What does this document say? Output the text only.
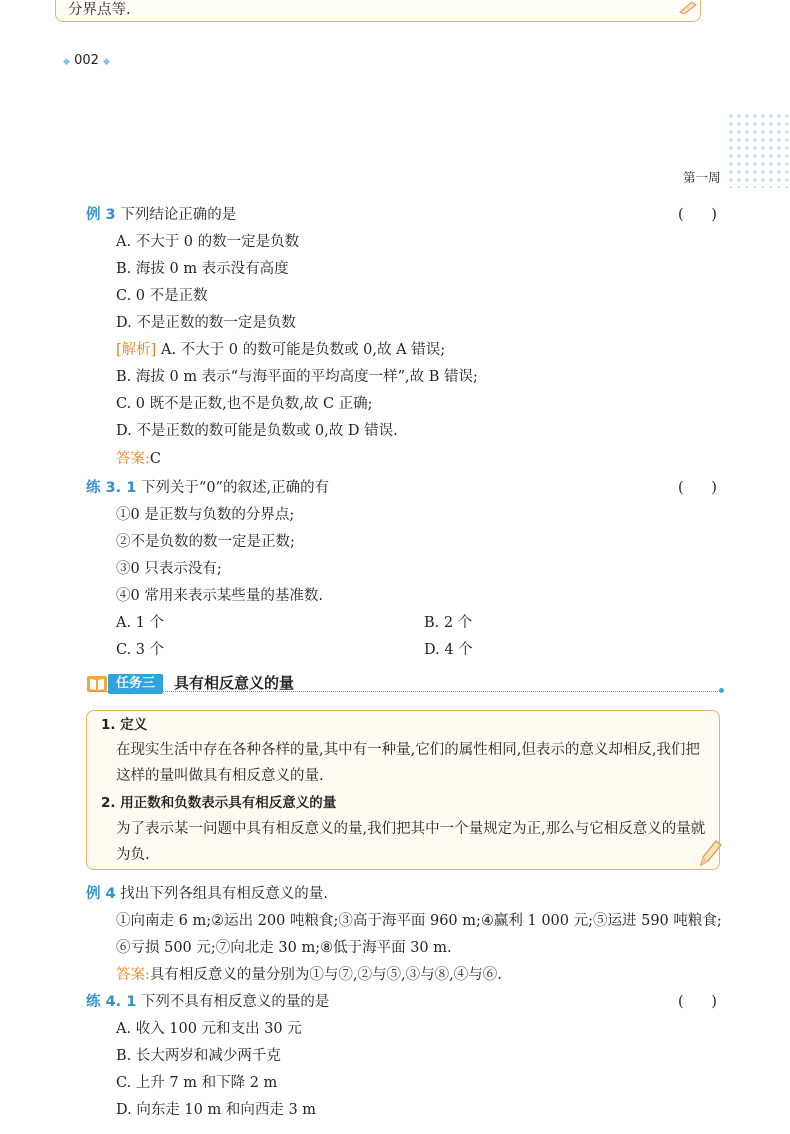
分界点等.
◆ 002 ◆
第一周
例 3 下列结论正确的是	(      )
A. 不大于 0 的数一定是负数
B. 海拔 0 m 表示没有高度
C. 0 不是正数
D. 不是正数的数一定是负数
[解析] A. 不大于 0 的数可能是负数或 0,故 A 错误;
B. 海拔 0 m 表示“与海平面的平均高度一样”,故 B 错误;
C. 0 既不是正数,也不是负数,故 C 正确;
D. 不是正数的数可能是负数或 0,故 D 错误.
答案:C
练 3. 1 下列关于“0”的叙述,正确的有	(      )
①0 是正数与负数的分界点;
②不是负数的数一定是正数;
③0 只表示没有;
④0 常用来表示某些量的基准数.
A. 1 个	B. 2 个
C. 3 个	D. 4 个
任务三	具有相反意义的量
1. 定义
在现实生活中存在各种各样的量,其中有一种量,它们的属性相同,但表示的意义却相反,我们把
这样的量叫做具有相反意义的量.
2. 用正数和负数表示具有相反意义的量
为了表示某一问题中具有相反意义的量,我们把其中一个量规定为正,那么与它相反意义的量就
为负.
例 4 找出下列各组具有相反意义的量.
①向南走 6 m;②运出 200 吨粮食;③高于海平面 960 m;④赢利 1 000 元;⑤运进 590 吨粮食;
⑥亏损 500 元;⑦向北走 30 m;⑧低于海平面 30 m.
答案:具有相反意义的量分别为①与⑦,②与⑤,③与⑧,④与⑥.
练 4. 1 下列不具有相反意义的量的是	(      )
A. 收入 100 元和支出 30 元
B. 长大两岁和减少两千克
C. 上升 7 m 和下降 2 m
D. 向东走 10 m 和向西走 3 m
